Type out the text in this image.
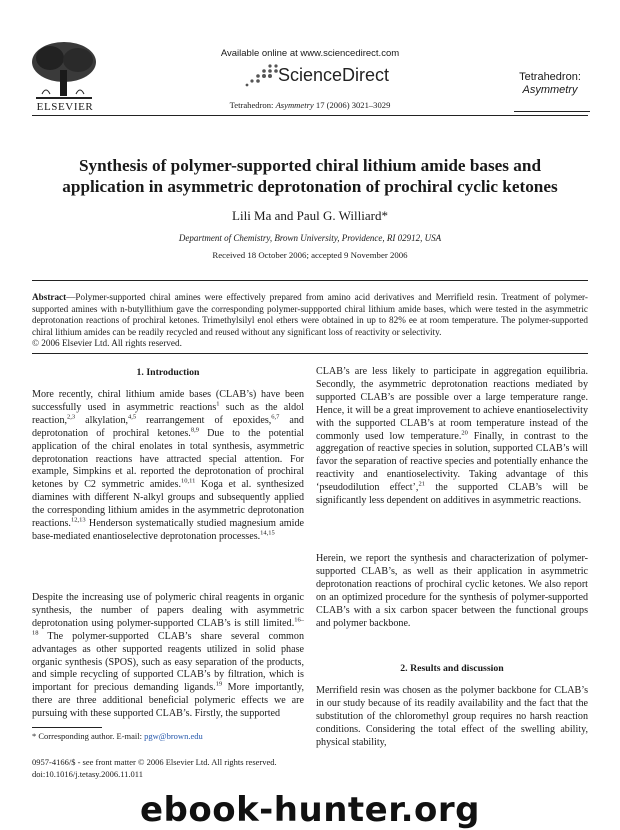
ELSEVIER
Available online at www.sciencedirect.com
ScienceDirect
Tetrahedron: Asymmetry 17 (2006) 3021–3029
Tetrahedron:
Asymmetry
Synthesis of polymer-supported chiral lithium amide bases and
application in asymmetric deprotonation of prochiral cyclic ketones
Lili Ma and Paul G. Williard*
Department of Chemistry, Brown University, Providence, RI 02912, USA
Received 18 October 2006; accepted 9 November 2006
Abstract—Polymer-supported chiral amines were effectively prepared from amino acid derivatives and Merrifield resin. Treatment of polymer-supported amines with n-butyllithium gave the corresponding polymer-suppported chiral lithium amide bases, which were tested in the asymmetric deprotonation reactions of prochiral ketones. Trimethylsilyl enol ethers were obtained in up to 82% ee at room temperature. The polymer-supported chiral lithium amides can be readily recycled and reused without any significant loss of reactivity or selectivity.
© 2006 Elsevier Ltd. All rights reserved.
1. Introduction
More recently, chiral lithium amide bases (CLAB’s) have been successfully used in asymmetric reactions$^1$ such as the aldol reaction,$^{2,3}$ alkylation,$^{4,5}$ rearrangement of epoxides,$^{6,7}$ and deprotonation of prochiral ketones.$^{8,9}$ Due to the potential application of the chiral enolates in total synthesis, asymmetric deprotonation reactions have attracted special attention. For example, Simpkins et al. reported the deprotonation of prochiral ketones by C2 symmetric amides.$^{10,11}$ Koga et al. synthesized diamines with different N-alkyl groups and subsequently applied the corresponding lithium amides in the asymmetric deprotonation reactions.$^{12,13}$ Henderson systematically studied magnesium amide base-mediated enantioselective deprotonation processes.$^{14,15}$
Despite the increasing use of polymeric chiral reagents in organic synthesis, the number of papers dealing with asymmetric deprotonation using polymer-supported CLAB’s is still limited.$^{16-18}$ The polymer-supported CLAB’s share several common advantages as other supported reagents utilized in solid phase organic synthesis (SPOS), such as easy separation of the products, and simple recycling of supported CLAB’s by filtration, which is important for precious demanding ligands.$^{19}$ More importantly, there are three additional beneficial polymeric effects we are pursuing with these supported CLAB’s. Firstly, the supported
* Corresponding author. E-mail: pgw@brown.edu
0957-4166/$ - see front matter © 2006 Elsevier Ltd. All rights reserved.
doi:10.1016/j.tetasy.2006.11.011
CLAB’s are less likely to participate in aggregation equilibria. Secondly, the asymmetric deprotonation reactions mediated by supported CLAB’s are possible over a large temperature range. Hence, it will be a great improvement to achieve enantioselectivity with the supported CLAB’s at room temperature instead of the commonly used low temperature.$^{20}$ Finally, in contrast to the aggregation of reactive species in solution, supported CLAB’s will favor the separation of reactive species and potentially enhance the reactivity and enantioselectivity. Taking advantage of this ‘pseudodilution effect’,$^{21}$ the supported CLAB’s will be significantly less dependent on additives in asymmetric reactions.
Herein, we report the synthesis and characterization of polymer-supported CLAB’s, as well as their application in asymmetric deprotonation reactions of prochiral cyclic ketones. We also report on an optimized procedure for the synthesis of polymer-supported CLAB’s with a six carbon spacer between the functional groups and polymer backbone.
2. Results and discussion
Merrifield resin was chosen as the polymer backbone for CLAB’s in our study because of its readily availability and the fact that the substitution of the chloromethyl group requires no harsh reaction conditions. Considering the total effect of the swelling ability, physical stability,
ebook-hunter.org
